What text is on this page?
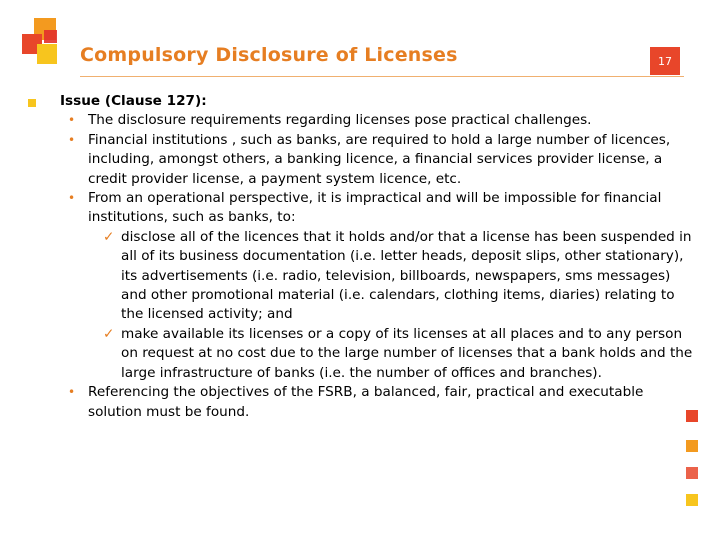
Compulsory Disclosure of Licenses	17
Issue (Clause 127):
• The disclosure requirements regarding licenses pose practical challenges.
• Financial institutions , such as banks, are required to hold a large number of licences, including, amongst others, a banking licence, a financial services provider license, a credit provider license, a payment system licence, etc.
• From an operational perspective, it is impractical and will be impossible for financial institutions, such as banks, to:
✓ disclose all of the licences that it holds and/or that a license has been suspended in all of its business documentation (i.e. letter heads, deposit slips, other stationary), its advertisements (i.e. radio, television, billboards, newspapers, sms messages) and other promotional material (i.e. calendars, clothing items, diaries) relating to the licensed activity; and
✓ make available its licenses or a copy of its licenses at all places and to any person on request at no cost due to the large number of licenses that a bank holds and the large infrastructure of banks (i.e. the number of offices and branches).
• Referencing the objectives of the FSRB, a balanced, fair, practical and executable solution must be found.
